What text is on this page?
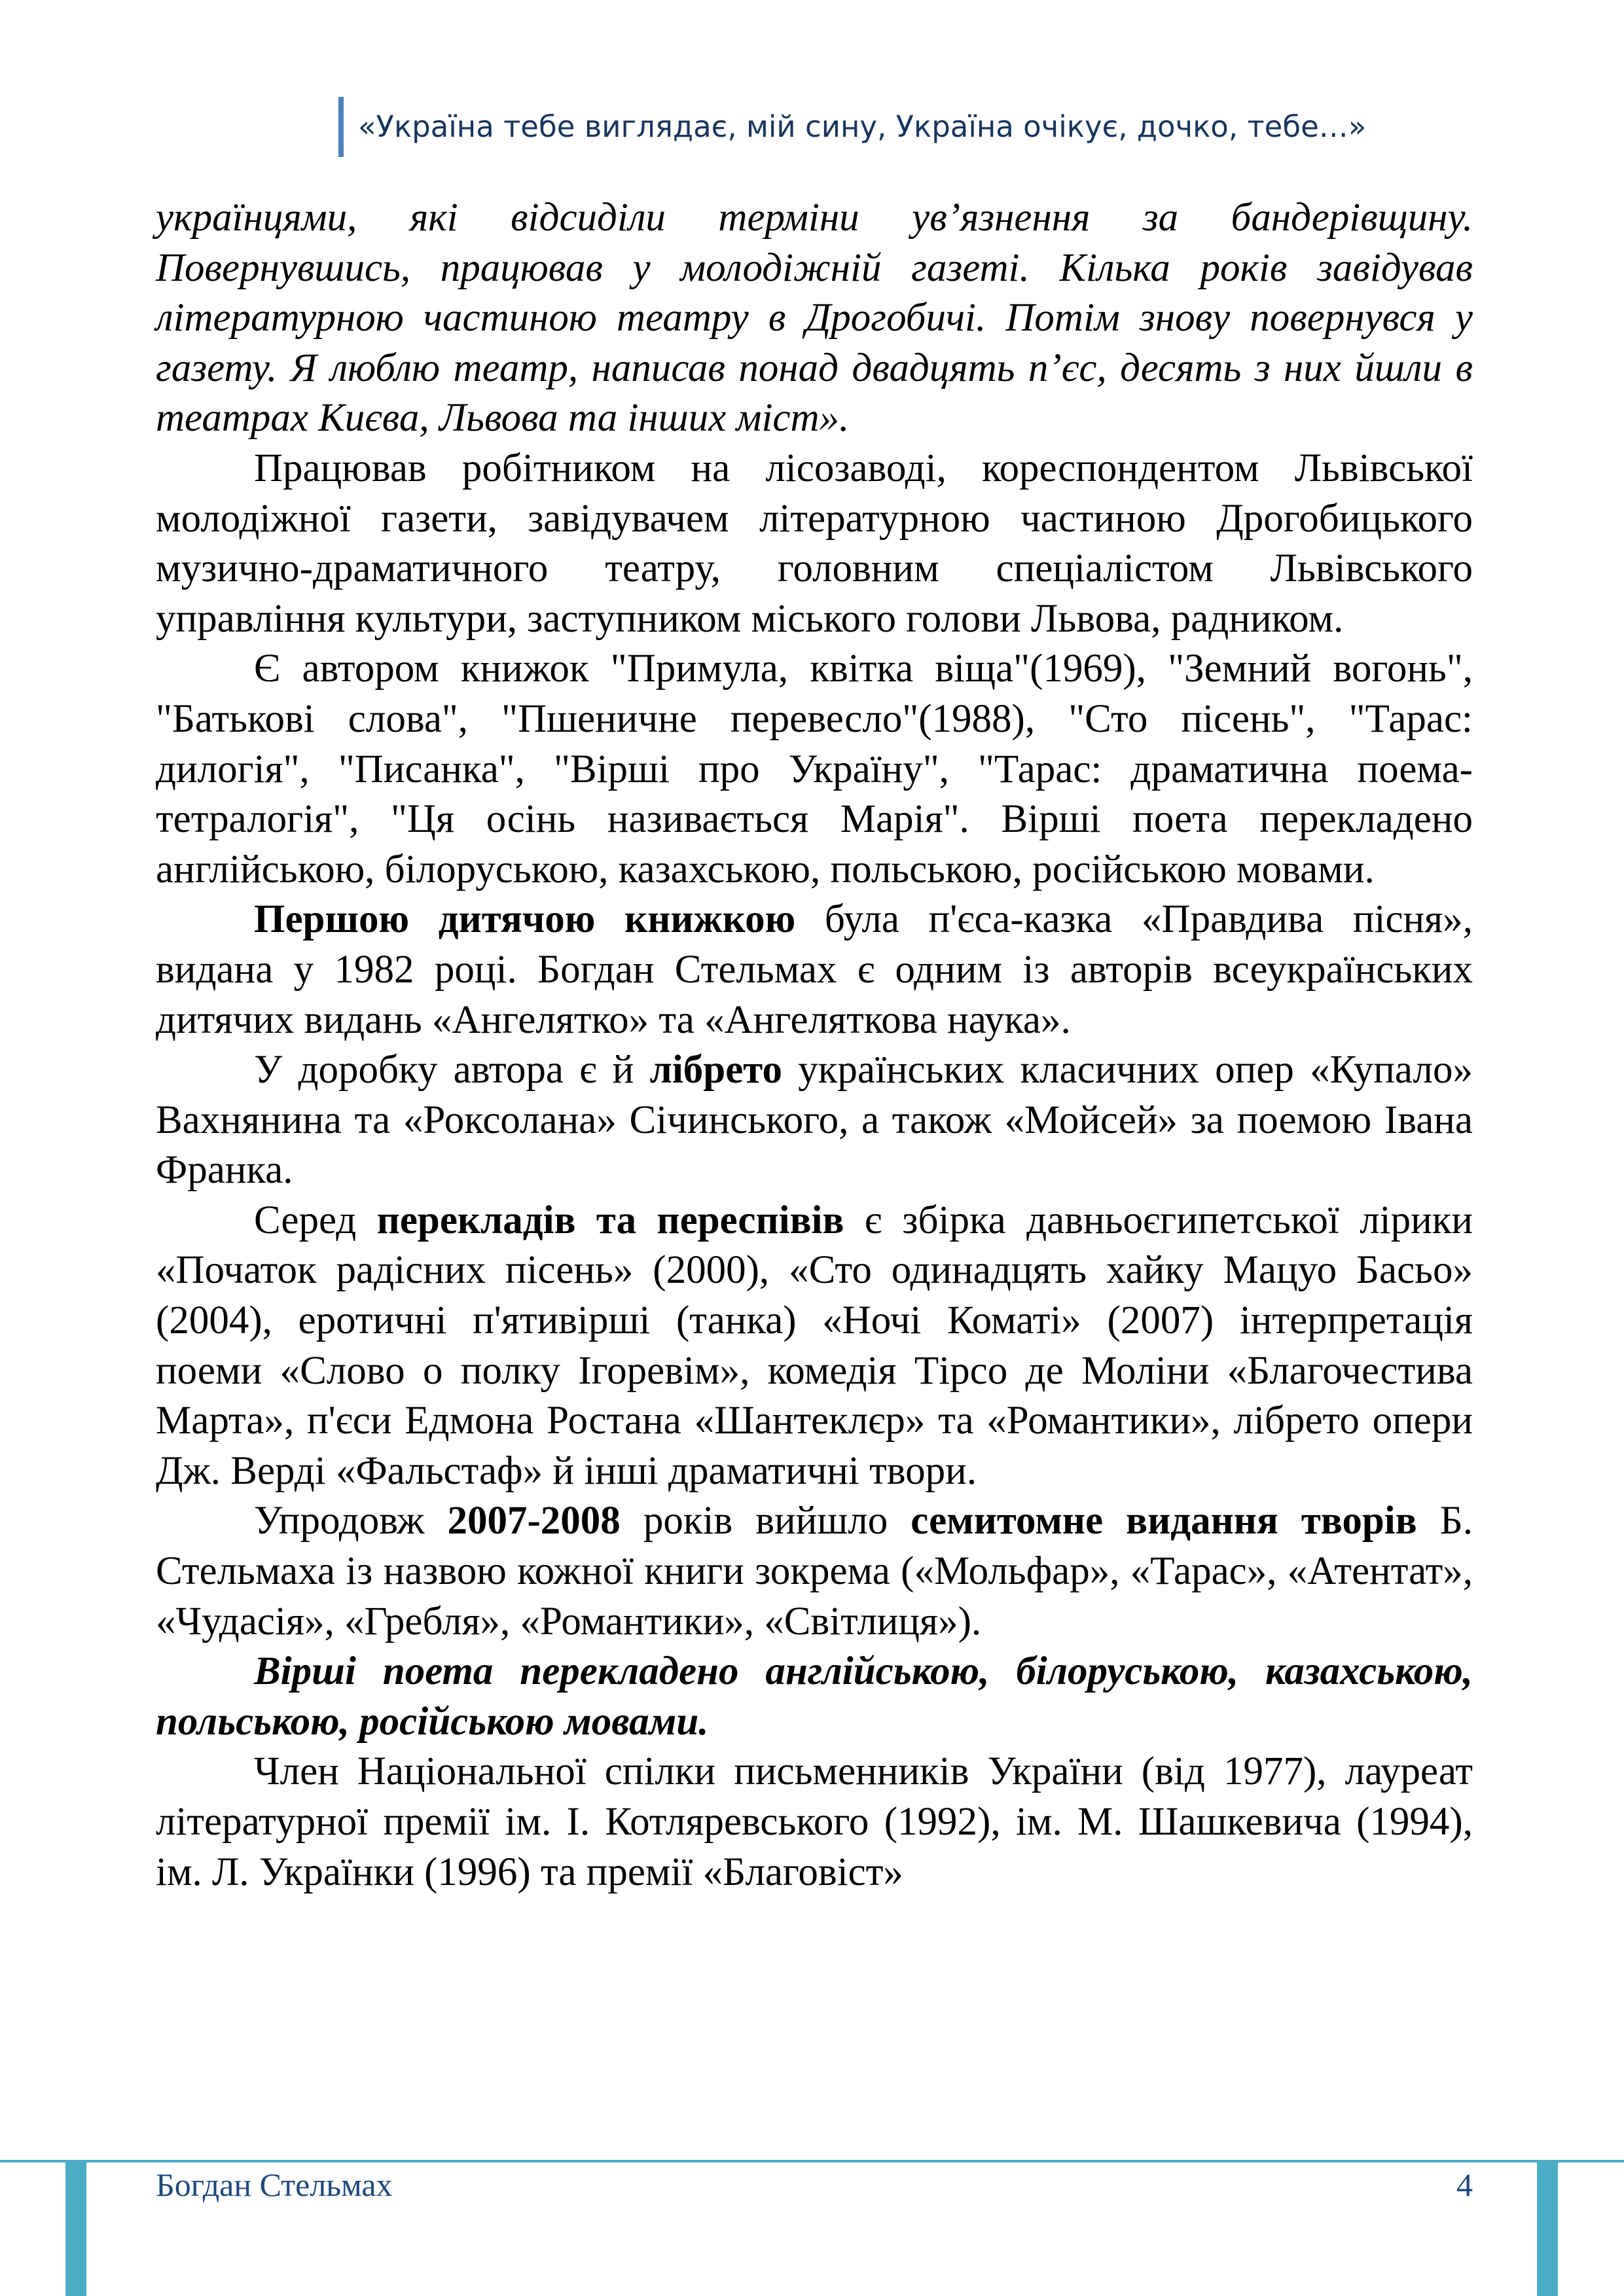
«Україна тебе виглядає, мій сину, Україна очікує, дочко, тебе…»

українцями, які відсиділи терміни ув’язнення за бандерівщину. Повернувшись, працював у молодіжній газеті. Кілька років завідував літературною частиною театру в Дрогобичі. Потім знову повернувся у газету. Я люблю театр, написав понад двадцять п’єс, десять з них йшли в театрах Києва, Львова та інших міст».

Працював робітником на лісозаводі, кореспондентом Львівської молодіжної газети, завідувачем літературною частиною Дрогобицького музично-драматичного театру, головним спеціалістом Львівського управління культури, заступником міського голови Львова, радником.

Є автором книжок "Примула, квітка віща"(1969), "Земний вогонь", "Батькові слова", "Пшеничне перевесло"(1988), "Сто пісень", "Тарас: дилогія", "Писанка", "Вірші про Україну", "Тарас: драматична поема-тетралогія", "Ця осінь називається Марія". Вірші поета перекладено англійською, білоруською, казахською, польською, російською мовами.

Першою дитячою книжкою була п'єса-казка «Правдива пісня», видана у 1982 році. Богдан Стельмах є одним із авторів всеукраїнських дитячих видань «Ангелятко» та «Ангеляткова наука».

У доробку автора є й лібрето українських класичних опер «Купало» Вахнянина та «Роксолана» Січинського, а також «Мойсей» за поемою Івана Франка.

Серед перекладів та переспівів є збірка давньоєгипетської лірики «Початок радісних пісень» (2000), «Сто одинадцять хайку Мацуо Басьо» (2004), еротичні п'ятивірші (танка) «Ночі Коматі» (2007) інтерпретація поеми «Слово о полку Ігоревім», комедія Тірсо де Моліни «Благочестива Марта», п'єси Едмона Ростана «Шантеклєр» та «Романтики», лібрето опери Дж. Верді «Фальстаф» й інші драматичні твори.

Упродовж 2007-2008 років вийшло семитомне видання творів Б. Стельмаха із назвою кожної книги зокрема («Мольфар», «Тарас», «Атентат», «Чудасія», «Гребля», «Романтики», «Світлиця»).

Вірші поета перекладено англійською, білоруською, казахською, польською, російською мовами.

Член Національної спілки письменників України (від 1977), лауреат літературної премії ім. І. Котляревського (1992), ім. М. Шашкевича (1994), ім. Л. Українки (1996) та премії «Благовіст»

Богдан Стельмах	4
